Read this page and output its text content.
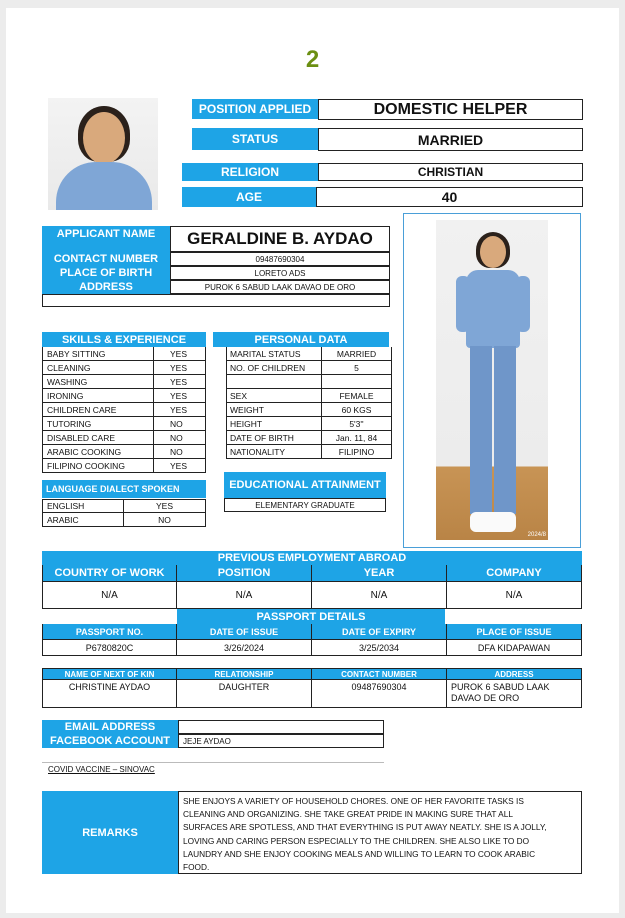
2
POSITION APPLIED	DOMESTIC HELPER
STATUS	MARRIED
RELIGION	CHRISTIAN
AGE	40
APPLICANT NAME	GERALDINE B. AYDAO
CONTACT NUMBER	09487690304
PLACE OF BIRTH	LORETO ADS
ADDRESS	PUROK 6 SABUD LAAK DAVAO DE ORO
2024/8
SKILLS & EXPERIENCE
BABY SITTING	YES
CLEANING	YES
WASHING	YES
IRONING	YES
CHILDREN CARE	YES
TUTORING	NO
DISABLED CARE	NO
ARABIC COOKING	NO
FILIPINO COOKING	YES
PERSONAL DATA
MARITAL STATUS	MARRIED
NO. OF CHILDREN	5
SEX	FEMALE
WEIGHT	60 KGS
HEIGHT	5'3''
DATE OF BIRTH	Jan. 11, 84
NATIONALITY	FILIPINO
LANGUAGE DIALECT SPOKEN
ENGLISH	YES
ARABIC	NO
EDUCATIONAL ATTAINMENT
ELEMENTARY GRADUATE
PREVIOUS EMPLOYMENT ABROAD
COUNTRY OF WORK	POSITION	YEAR	COMPANY
N/A	N/A	N/A	N/A
PASSPORT DETAILS
PASSPORT NO.	DATE OF ISSUE	DATE OF EXPIRY	PLACE OF ISSUE
P6780820C	3/26/2024	3/25/2034	DFA KIDAPAWAN
NAME OF NEXT OF KIN	RELATIONSHIP	CONTACT NUMBER	ADDRESS
CHRISTINE AYDAO	DAUGHTER	09487690304	PUROK 6 SABUD LAAK
DAVAO DE ORO
EMAIL ADDRESS
FACEBOOK ACCOUNT	JEJE AYDAO
COVID VACCINE – SINOVAC
REMARKS
SHE ENJOYS A VARIETY OF HOUSEHOLD CHORES. ONE OF HER FAVORITE TASKS IS
CLEANING AND ORGANIZING. SHE TAKE GREAT PRIDE IN MAKING SURE THAT ALL
SURFACES ARE SPOTLESS, AND THAT EVERYTHING IS PUT AWAY NEATLY. SHE IS A JOLLY,
LOVING AND CARING PERSON ESPECIALLY TO THE CHILDREN. SHE ALSO LIKE TO DO
LAUNDRY AND SHE ENJOY COOKING MEALS AND WILLING TO LEARN TO COOK ARABIC
FOOD.
